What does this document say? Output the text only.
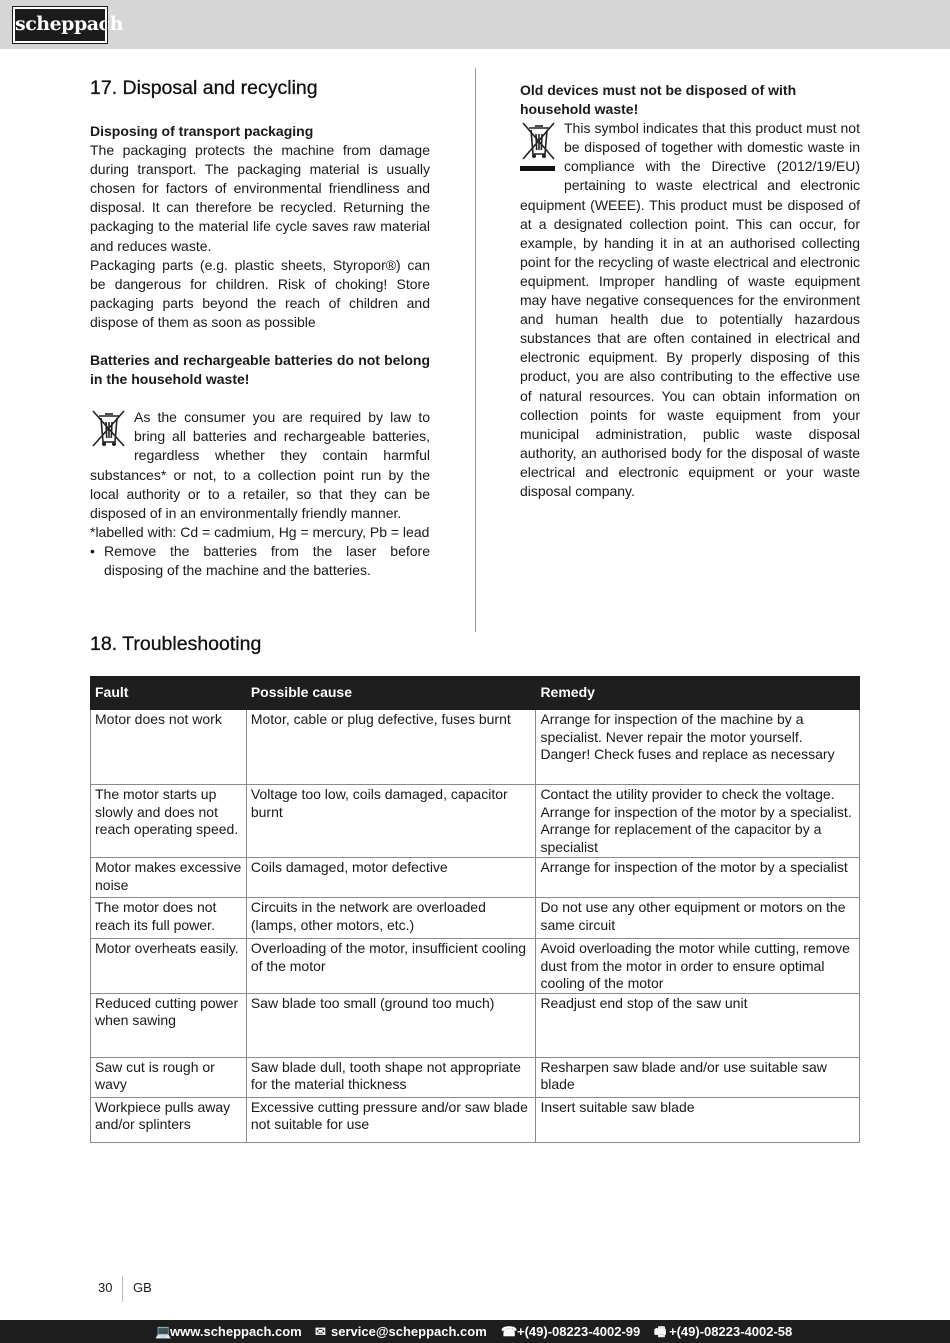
scheppach
17. Disposal and recycling

Disposing of transport packaging

The packaging protects the machine from damage during transport. The packaging material is usually chosen for factors of environmental friendliness and disposal. It can therefore be recycled. Returning the packaging to the material life cycle saves raw material and reduces waste.

Packaging parts (e.g. plastic sheets, Styropor®) can be dangerous for children. Risk of choking! Store packaging parts beyond the reach of children and dispose of them as soon as possible

Batteries and rechargeable batteries do not belong in the household waste!

As the consumer you are required by law to bring all batteries and rechargeable batteries, regardless whether they contain harmful substances* or not, to a collection point run by the local authority or to a retailer, so that they can be disposed of in an environmentally friendly manner.

*labelled with: Cd = cadmium, Hg = mercury, Pb = lead

• Remove the batteries from the laser before disposing of the machine and the batteries.

Old devices must not be disposed of with household waste!

This symbol indicates that this product must not be disposed of together with domestic waste in compliance with the Directive (2012/19/EU) pertaining to waste electrical and electronic equipment (WEEE). This product must be disposed of at a designated collection point. This can occur, for example, by handing it in at an authorised collecting point for the recycling of waste electrical and electronic equipment. Improper handling of waste equipment may have negative consequences for the environment and human health due to potentially hazardous substances that are often contained in electrical and electronic equipment. By properly disposing of this product, you are also contributing to the effective use of natural resources. You can obtain information on collection points for waste equipment from your municipal administration, public waste disposal authority, an authorised body for the disposal of waste electrical and electronic equipment or your waste disposal company.

18. Troubleshooting
Fault	Possible cause	Remedy
Motor does not work	Motor, cable or plug defective, fuses burnt	Arrange for inspection of the machine by a specialist. Never repair the motor yourself. Danger! Check fuses and replace as necessary
The motor starts up slowly and does not reach operating speed.	Voltage too low, coils damaged, capacitor burnt	Contact the utility provider to check the voltage. Arrange for inspection of the motor by a specialist. Arrange for replacement of the capacitor by a specialist
Motor makes excessive noise	Coils damaged, motor defective	Arrange for inspection of the motor by a specialist
The motor does not reach its full power.	Circuits in the network are overloaded (lamps, other motors, etc.)	Do not use any other equipment or motors on the same circuit
Motor overheats easily.	Overloading of the motor, insufficient cooling of the motor	Avoid overloading the motor while cutting, remove dust from the motor in order to ensure optimal cooling of the motor
Reduced cutting power when sawing	Saw blade too small (ground too much)	Readjust end stop of the saw unit
Saw cut is rough or wavy	Saw blade dull, tooth shape not appropriate for the material thickness	Resharpen saw blade and/or use suitable saw blade
Workpiece pulls away and/or splinters	Excessive cutting pressure and/or saw blade not suitable for use	Insert suitable saw blade
30 GB
💻
www.scheppach.com ✉ service@scheppach.com ☎ +(49)-08223-4002-99 🖷 +(49)-08223-4002-58
